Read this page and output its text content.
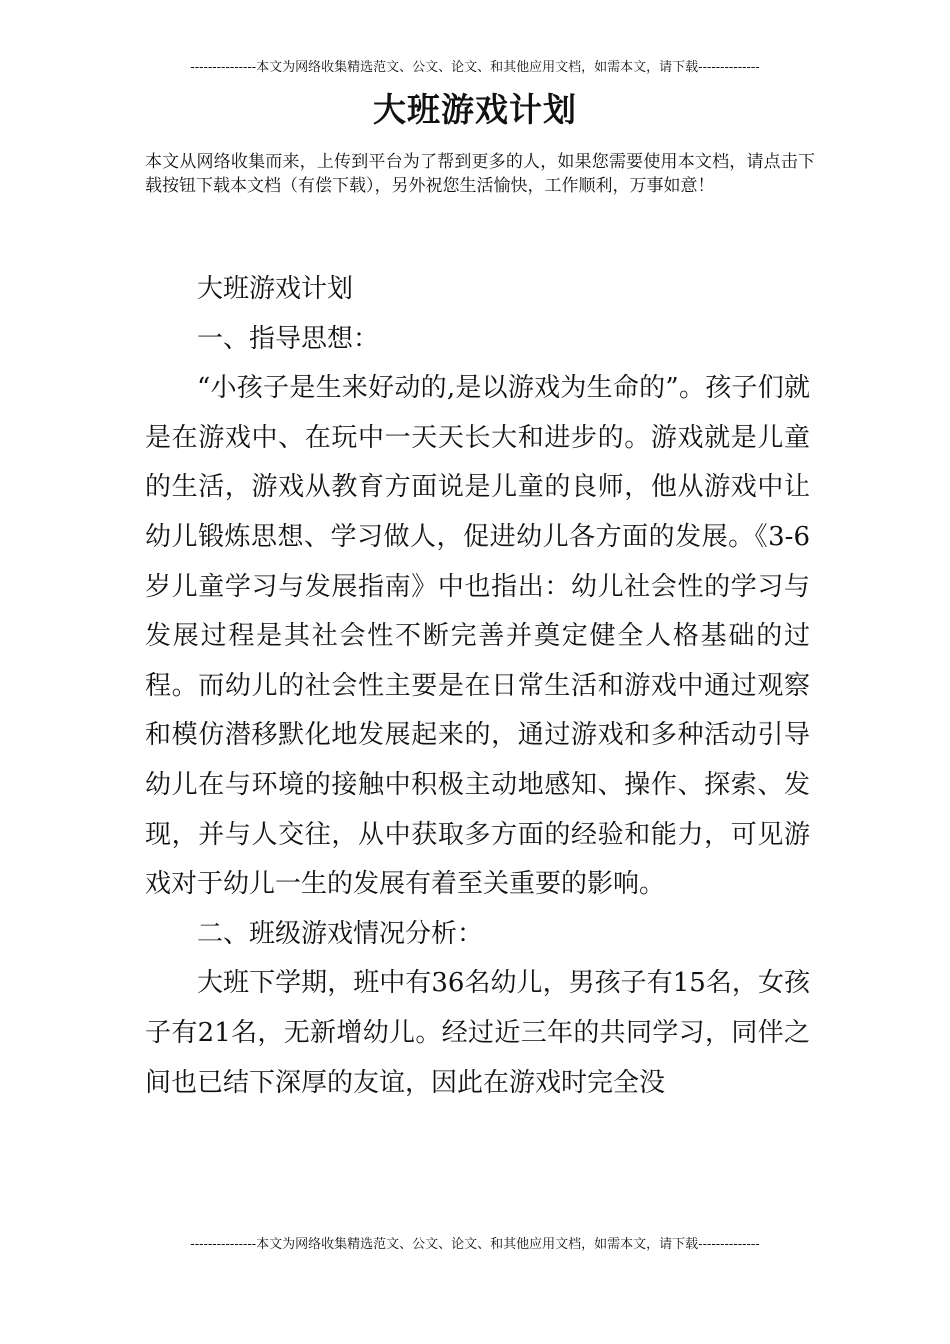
---------------本文为网络收集精选范文、公文、论文、和其他应用文档，如需本文，请下载--------------
大班游戏计划
本文从网络收集而来，上传到平台为了帮到更多的人，如果您需要使用本文档，请点击下载按钮下载本文档（有偿下载），另外祝您生活愉快，工作顺利，万事如意！

大班游戏计划

一、指导思想：

“小孩子是生来好动的,是以游戏为生命的”。孩子们就是在游戏中、在玩中一天天长大和进步的。游戏就是儿童的生活，游戏从教育方面说是儿童的良师，他从游戏中让幼儿锻炼思想、学习做人，促进幼儿各方面的发展。《3-6岁儿童学习与发展指南》中也指出：幼儿社会性的学习与发展过程是其社会性不断完善并奠定健全人格基础的过程。而幼儿的社会性主要是在日常生活和游戏中通过观察和模仿潜移默化地发展起来的，通过游戏和多种活动引导幼儿在与环境的接触中积极主动地感知、操作、探索、发现，并与人交往，从中获取多方面的经验和能力，可见游戏对于幼儿一生的发展有着至关重要的影响。

二、班级游戏情况分析：

大班下学期，班中有36名幼儿，男孩子有15名，女孩子有21名，无新增幼儿。经过近三年的共同学习，同伴之间也已结下深厚的友谊，因此在游戏时完全没

---------------本文为网络收集精选范文、公文、论文、和其他应用文档，如需本文，请下载--------------
